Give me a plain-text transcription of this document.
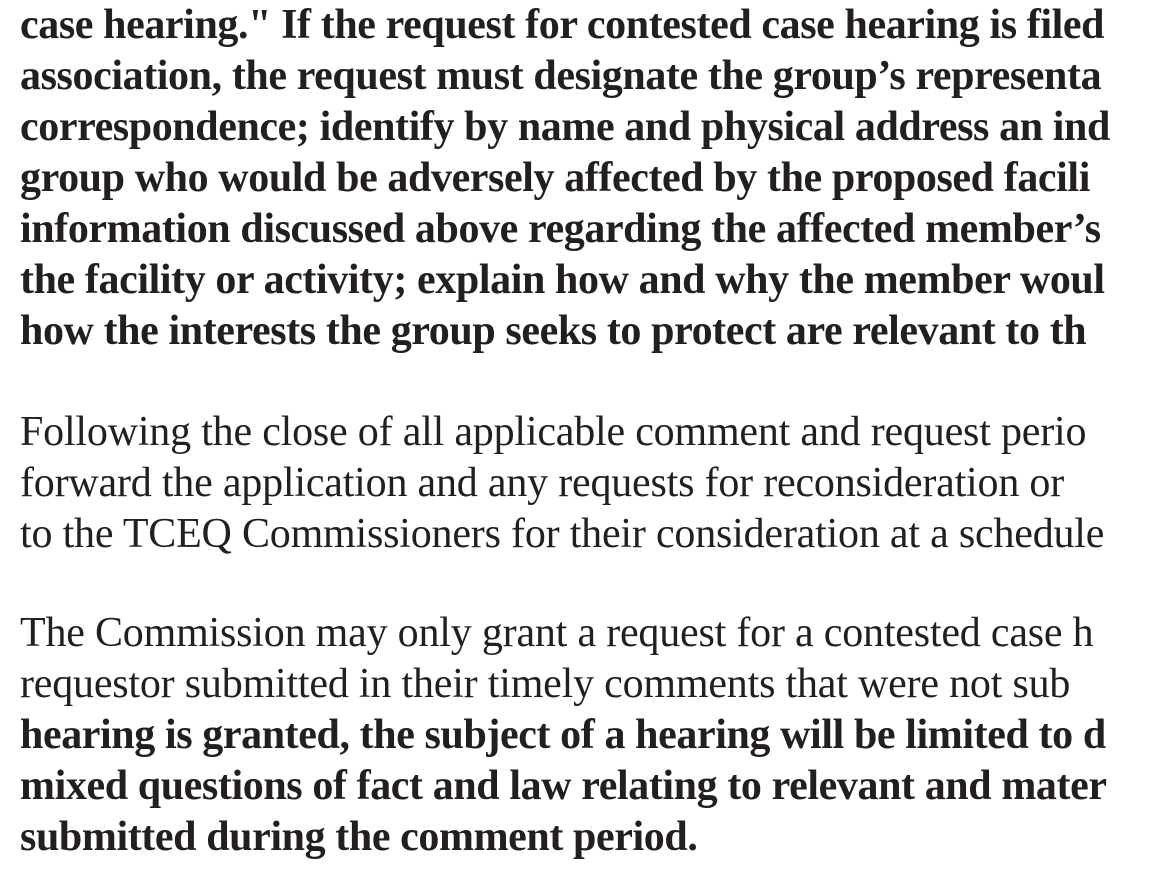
case hearing." If the request for contested case hearing is filed
association, the request must designate the group’s representa
correspondence; identify by name and physical address an ind
group who would be adversely affected by the proposed facili
information discussed above regarding the affected member’s
the facility or activity; explain how and why the member woul
how the interests the group seeks to protect are relevant to th
Following the close of all applicable comment and request perio
forward the application and any requests for reconsideration or
to the TCEQ Commissioners for their consideration at a schedule
The Commission may only grant a request for a contested case h
requestor submitted in their timely comments that were not sub
hearing is granted, the subject of a hearing will be limited to d
mixed questions of fact and law relating to relevant and mater
submitted during the comment period.
